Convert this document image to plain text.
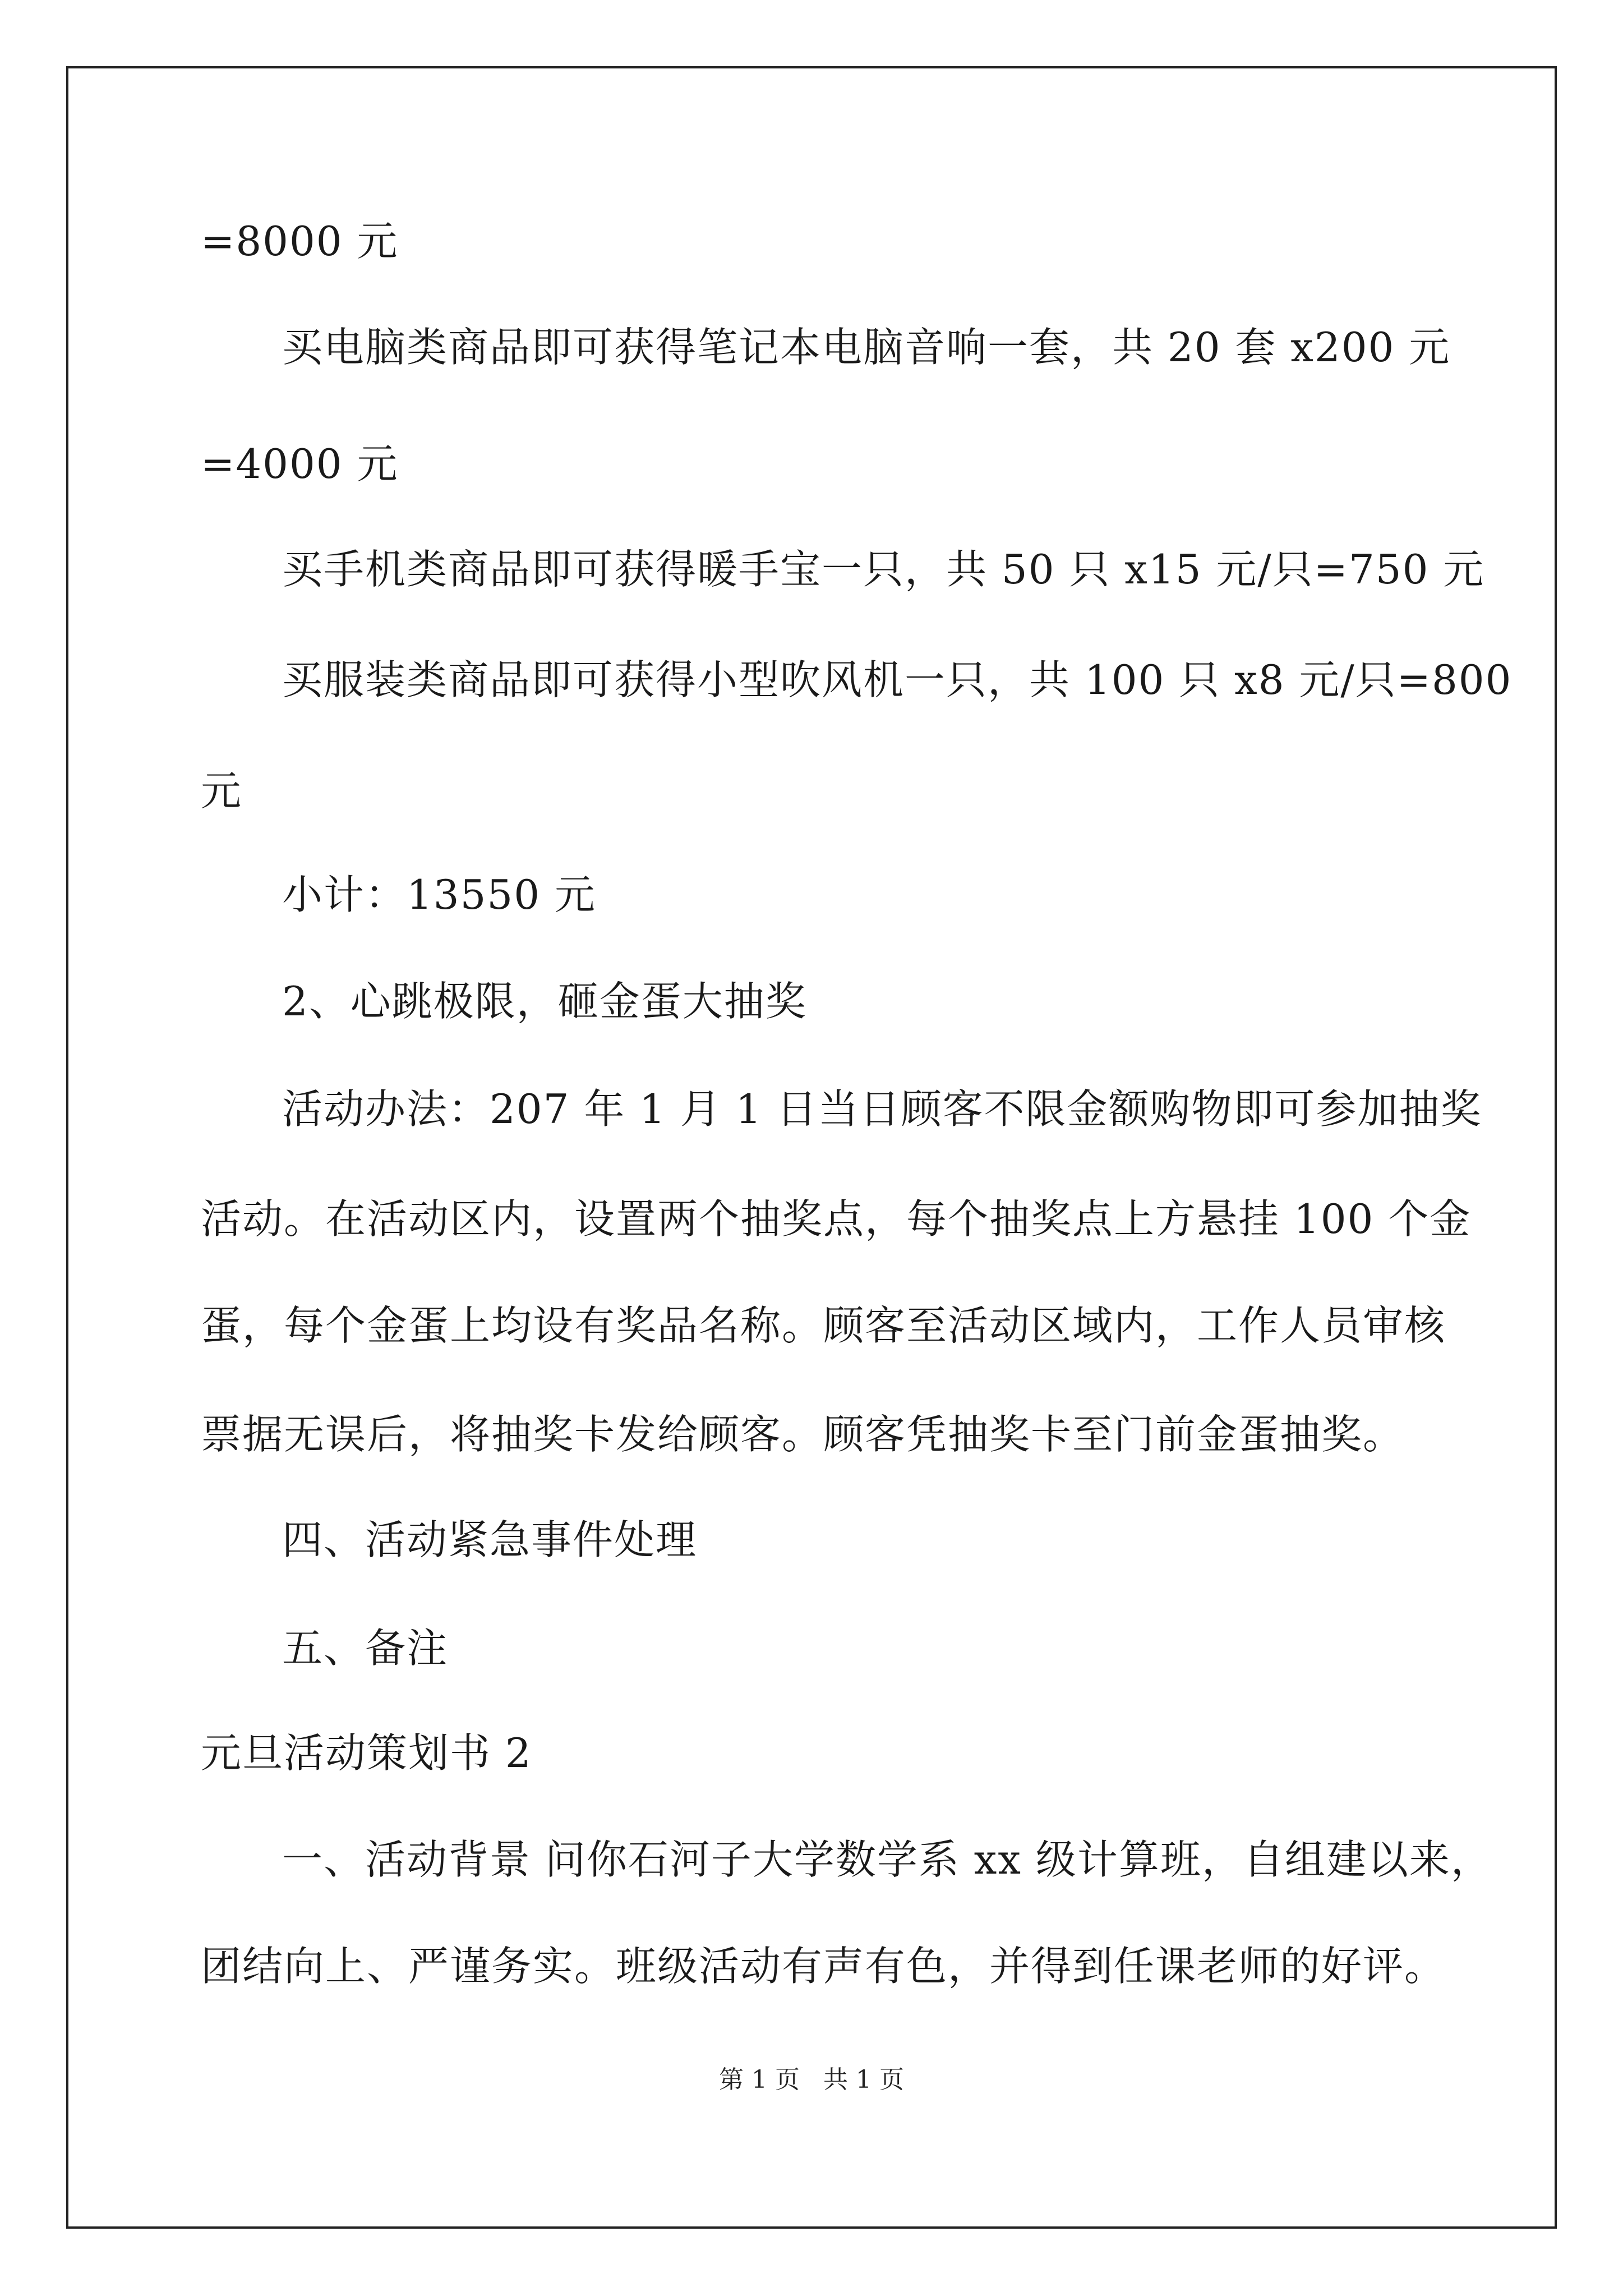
=8000 元
买电脑类商品即可获得笔记本电脑音响一套，共 20 套 x200 元
=4000 元
买手机类商品即可获得暖手宝一只，共 50 只 x15 元/只=750 元
买服装类商品即可获得小型吹风机一只，共 100 只 x8 元/只=800
元
小计：13550 元
2、心跳极限，砸金蛋大抽奖
活动办法：207 年 1 月 1 日当日顾客不限金额购物即可参加抽奖
活动。在活动区内，设置两个抽奖点，每个抽奖点上方悬挂 100 个金
蛋，每个金蛋上均设有奖品名称。顾客至活动区域内，工作人员审核
票据无误后，将抽奖卡发给顾客。顾客凭抽奖卡至门前金蛋抽奖。
四、活动紧急事件处理
五、备注
元旦活动策划书 2
一、活动背景 问你石河子大学数学系 xx 级计算班，自组建以来，
团结向上、严谨务实。班级活动有声有色，并得到任课老师的好评。
第 1 页 共 1 页
